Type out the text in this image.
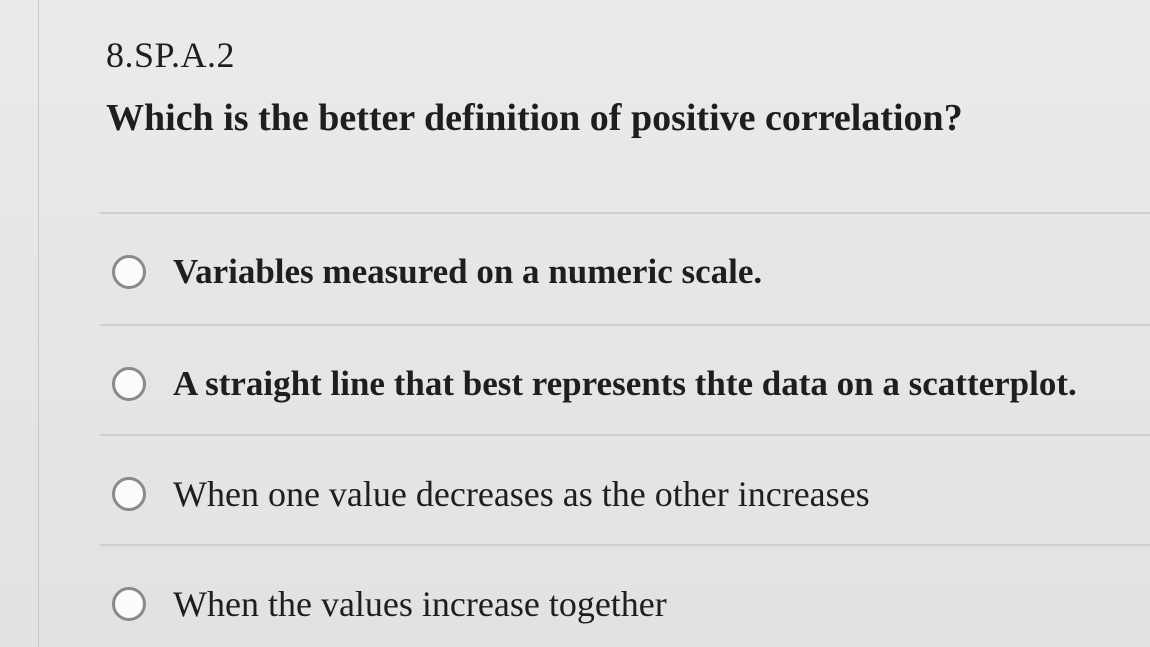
8.SP.A.2
Which is the better definition of positive correlation?
Variables measured on a numeric scale.
A straight line that best represents thte data on a scatterplot.
When one value decreases as the other increases
When the values increase together
